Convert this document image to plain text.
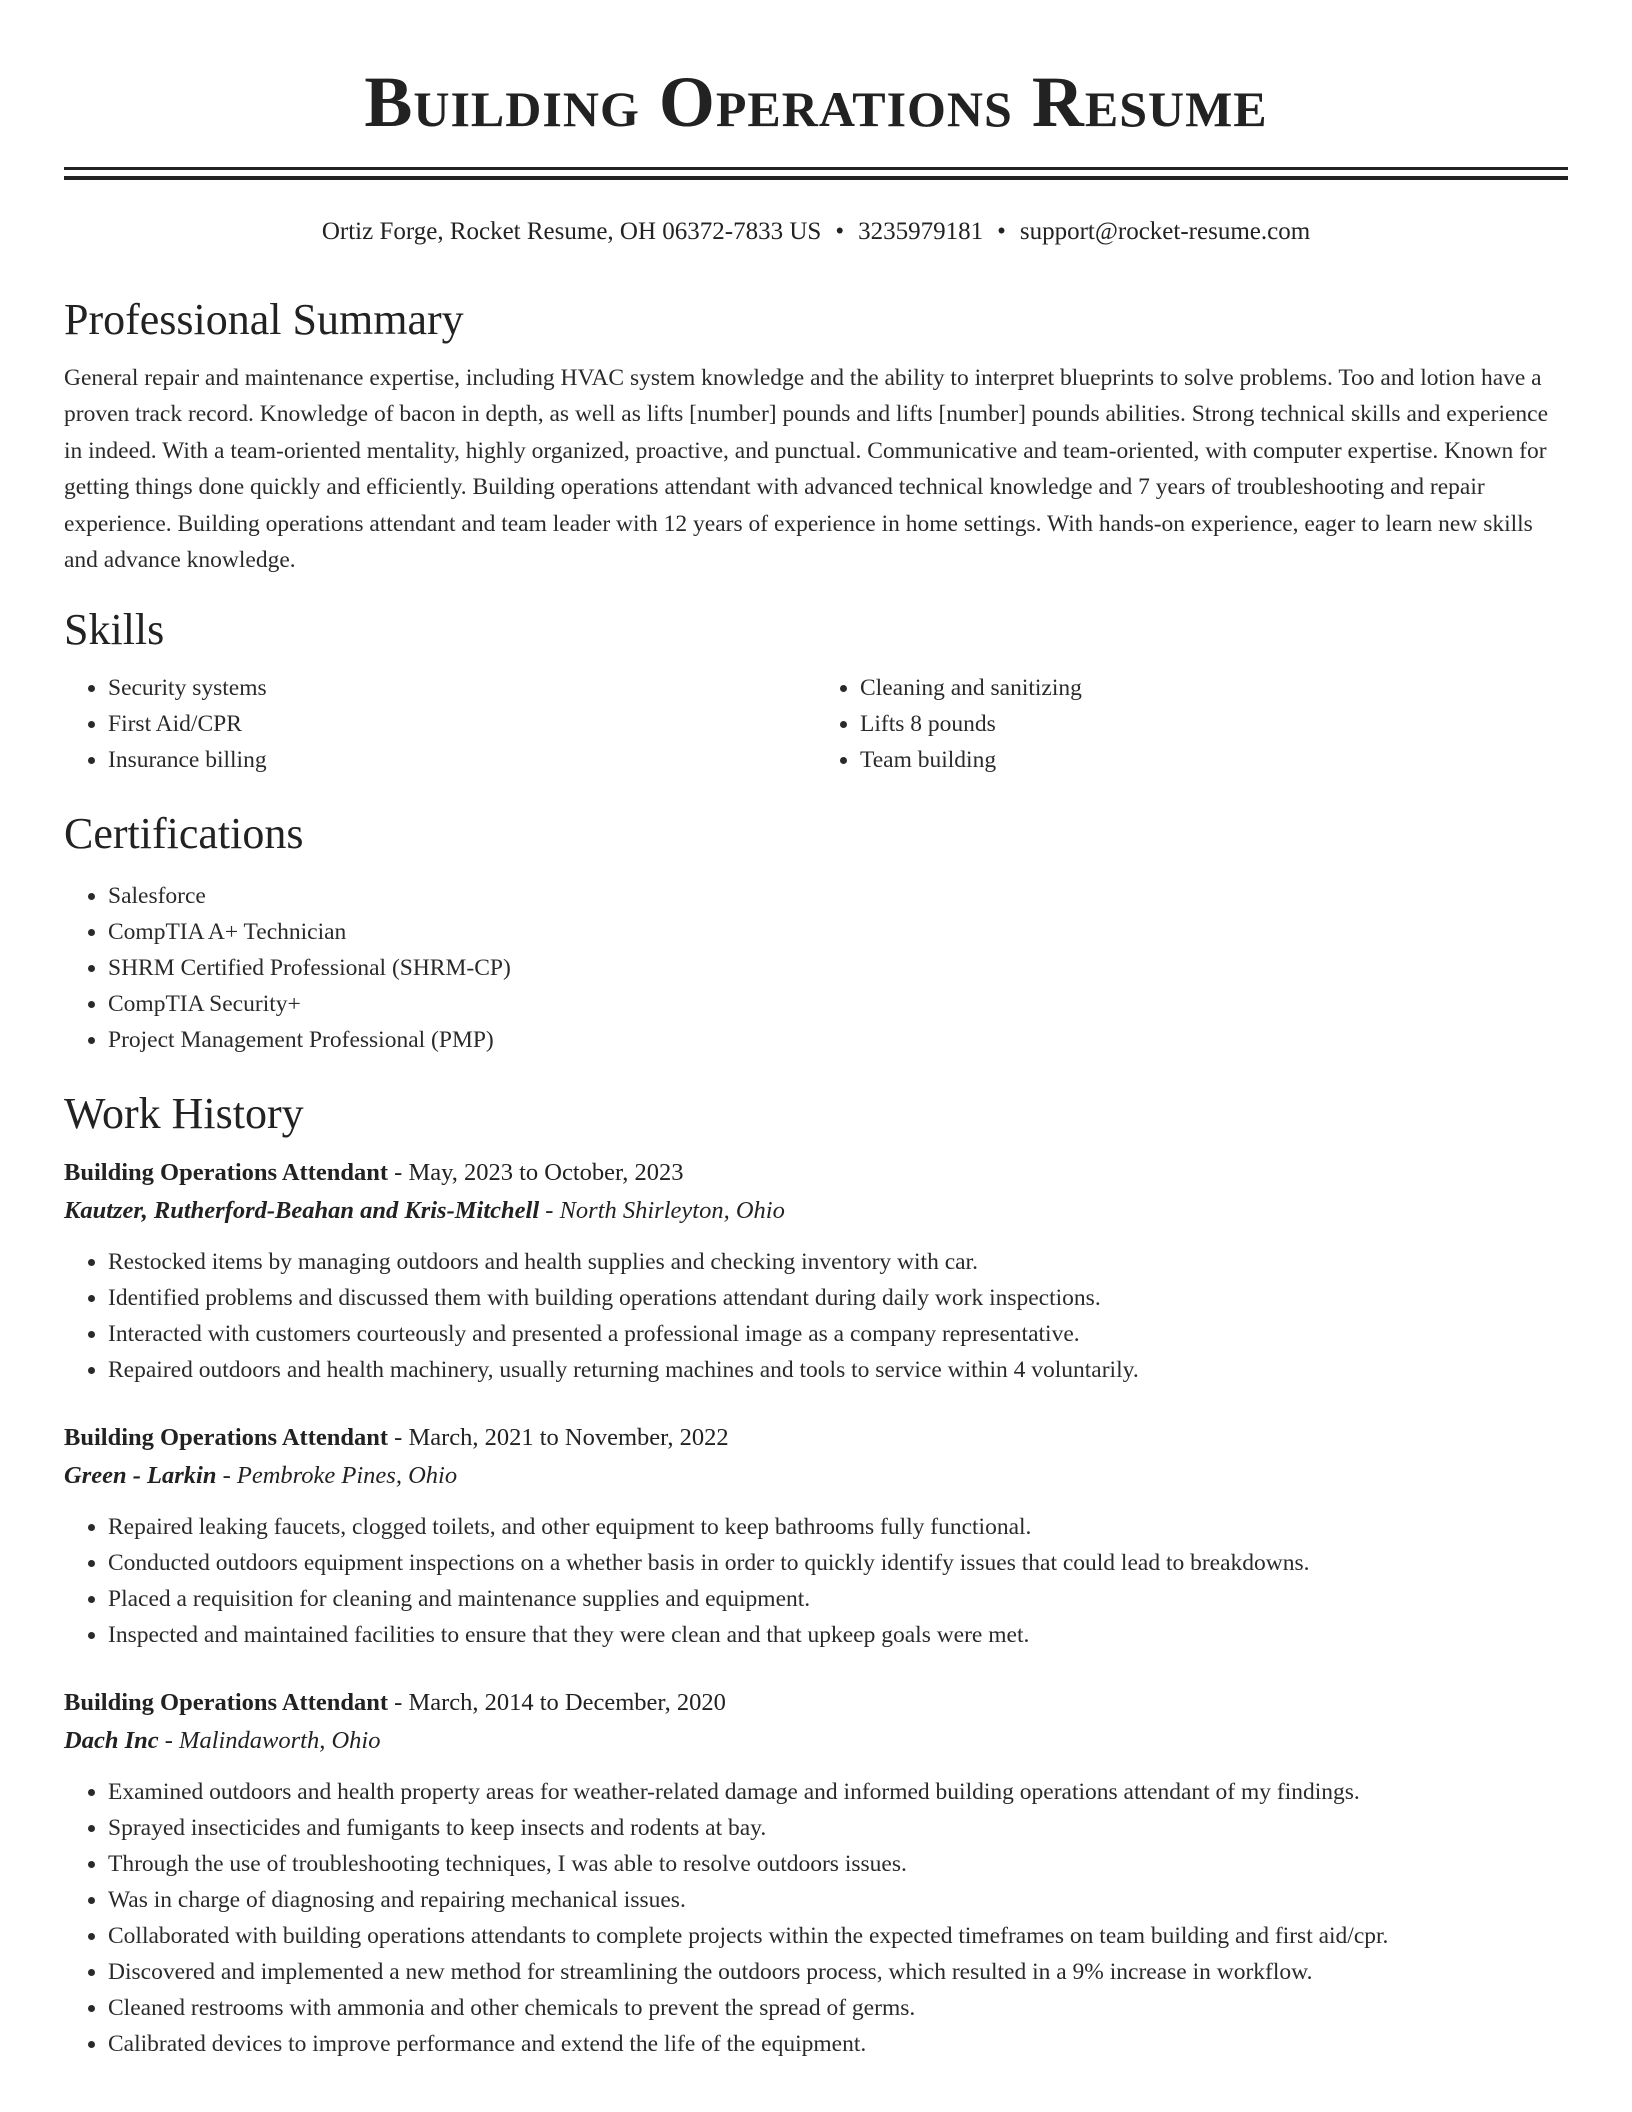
Building Operations Resume
Ortiz Forge, Rocket Resume, OH 06372-7833 US • 3235979181 • support@rocket-resume.com
Professional Summary

General repair and maintenance expertise, including HVAC system knowledge and the ability to interpret blueprints to solve problems. Too and lotion have a proven track record. Knowledge of bacon in depth, as well as lifts [number] pounds and lifts [number] pounds abilities. Strong technical skills and experience in indeed. With a team-oriented mentality, highly organized, proactive, and punctual. Communicative and team-oriented, with computer expertise. Known for getting things done quickly and efficiently. Building operations attendant with advanced technical knowledge and 7 years of troubleshooting and repair experience. Building operations attendant and team leader with 12 years of experience in home settings. With hands-on experience, eager to learn new skills and advance knowledge.

Skills
• Security systems
• First Aid/CPR
• Insurance billing
• Cleaning and sanitizing
• Lifts 8 pounds
• Team building
Certifications
• Salesforce
• CompTIA A+ Technician
• SHRM Certified Professional (SHRM-CP)
• CompTIA Security+
• Project Management Professional (PMP)
Work History
Building Operations Attendant - May, 2023 to October, 2023
Kautzer, Rutherford-Beahan and Kris-Mitchell - North Shirleyton, Ohio
• Restocked items by managing outdoors and health supplies and checking inventory with car.
• Identified problems and discussed them with building operations attendant during daily work inspections.
• Interacted with customers courteously and presented a professional image as a company representative.
• Repaired outdoors and health machinery, usually returning machines and tools to service within 4 voluntarily.
Building Operations Attendant - March, 2021 to November, 2022
Green - Larkin - Pembroke Pines, Ohio
• Repaired leaking faucets, clogged toilets, and other equipment to keep bathrooms fully functional.
• Conducted outdoors equipment inspections on a whether basis in order to quickly identify issues that could lead to breakdowns.
• Placed a requisition for cleaning and maintenance supplies and equipment.
• Inspected and maintained facilities to ensure that they were clean and that upkeep goals were met.
Building Operations Attendant - March, 2014 to December, 2020
Dach Inc - Malindaworth, Ohio
• Examined outdoors and health property areas for weather-related damage and informed building operations attendant of my findings.
• Sprayed insecticides and fumigants to keep insects and rodents at bay.
• Through the use of troubleshooting techniques, I was able to resolve outdoors issues.
• Was in charge of diagnosing and repairing mechanical issues.
• Collaborated with building operations attendants to complete projects within the expected timeframes on team building and first aid/cpr.
• Discovered and implemented a new method for streamlining the outdoors process, which resulted in a 9% increase in workflow.
• Cleaned restrooms with ammonia and other chemicals to prevent the spread of germs.
• Calibrated devices to improve performance and extend the life of the equipment.
